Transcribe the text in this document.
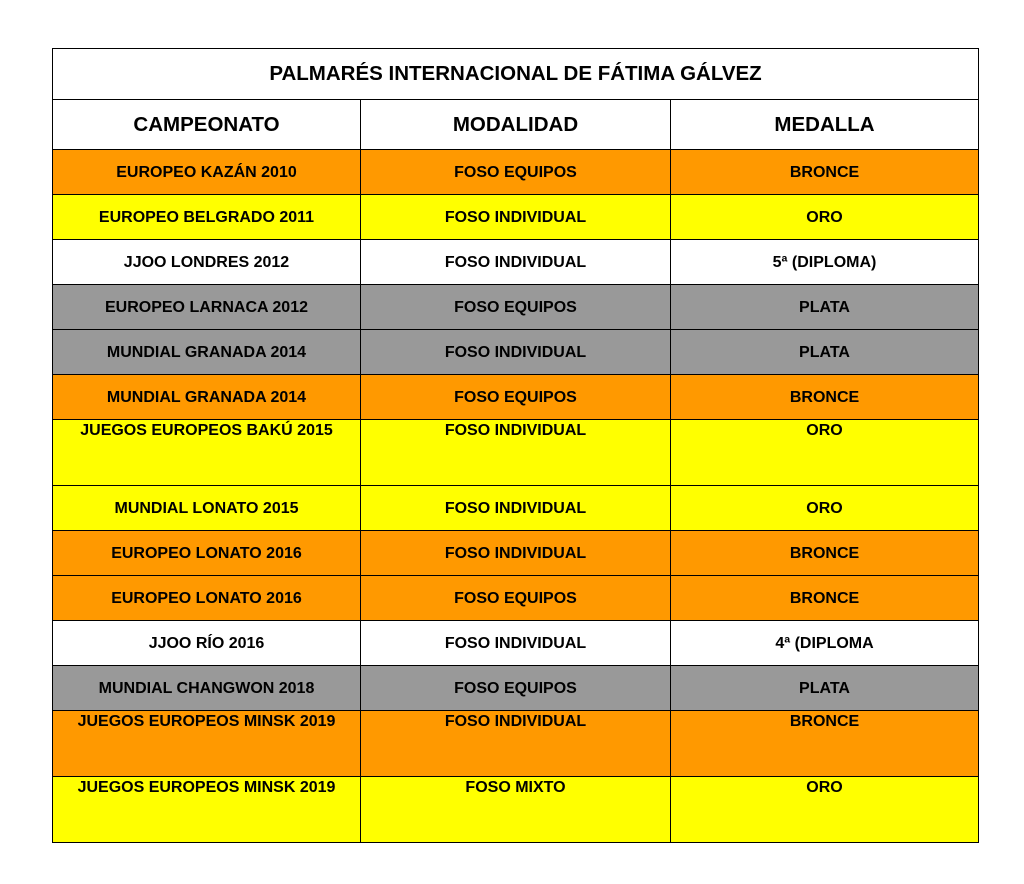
PALMARÉS INTERNACIONAL DE FÁTIMA GÁLVEZ		
CAMPEONATO	MODALIDAD	MEDALLA
EUROPEO KAZÁN 2010	FOSO EQUIPOS	BRONCE
EUROPEO BELGRADO 2011	FOSO INDIVIDUAL	ORO
JJOO LONDRES 2012	FOSO INDIVIDUAL	5ª (DIPLOMA)
EUROPEO LARNACA 2012	FOSO EQUIPOS	PLATA
MUNDIAL GRANADA 2014	FOSO INDIVIDUAL	PLATA
MUNDIAL GRANADA 2014	FOSO EQUIPOS	BRONCE
JUEGOS EUROPEOS BAKÚ 2015	FOSO INDIVIDUAL	ORO
MUNDIAL LONATO 2015	FOSO INDIVIDUAL	ORO
EUROPEO LONATO 2016	FOSO INDIVIDUAL	BRONCE
EUROPEO LONATO 2016	FOSO EQUIPOS	BRONCE
JJOO RÍO 2016	FOSO INDIVIDUAL	4ª (DIPLOMA
MUNDIAL CHANGWON 2018	FOSO EQUIPOS	PLATA
JUEGOS EUROPEOS MINSK 2019	FOSO INDIVIDUAL	BRONCE
JUEGOS EUROPEOS MINSK 2019	FOSO MIXTO	ORO
